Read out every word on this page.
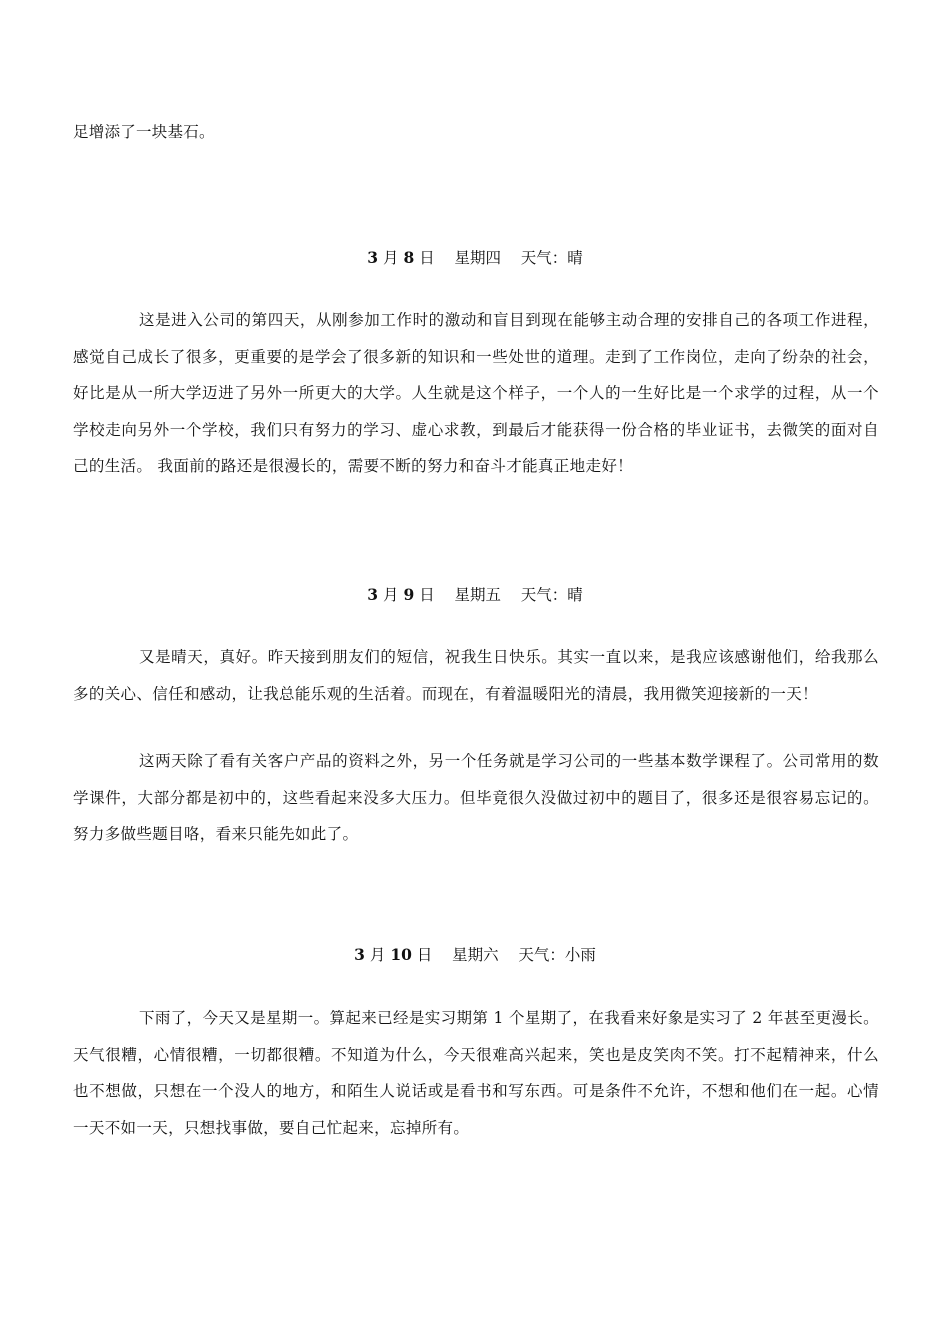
足增添了一块基石。
3 月 8 日 星期四 天气：晴
这是进入公司的第四天，从刚参加工作时的激动和盲目到现在能够主动合理的安排自己的各项工作进程，感觉自己成长了很多，更重要的是学会了很多新的知识和一些处世的道理。走到了工作岗位，走向了纷杂的社会，好比是从一所大学迈进了另外一所更大的大学。人生就是这个样子，一个人的一生好比是一个求学的过程，从一个学校走向另外一个学校，我们只有努力的学习、虚心求教，到最后才能获得一份合格的毕业证书，去微笑的面对自己的生活。 我面前的路还是很漫长的，需要不断的努力和奋斗才能真正地走好！
3 月 9 日 星期五 天气：晴
又是晴天，真好。昨天接到朋友们的短信，祝我生日快乐。其实一直以来，是我应该感谢他们，给我那么多的关心、信任和感动，让我总能乐观的生活着。而现在，有着温暖阳光的清晨，我用微笑迎接新的一天！
这两天除了看有关客户产品的资料之外，另一个任务就是学习公司的一些基本数学课程了。公司常用的数学课件，大部分都是初中的，这些看起来没多大压力。但毕竟很久没做过初中的题目了，很多还是很容易忘记的。努力多做些题目咯，看来只能先如此了。
3 月 10 日 星期六 天气：小雨
下雨了，今天又是星期一。算起来已经是实习期第 1 个星期了，在我看来好象是实习了 2 年甚至更漫长。天气很糟，心情很糟，一切都很糟。不知道为什么，今天很难高兴起来，笑也是皮笑肉不笑。打不起精神来，什么也不想做，只想在一个没人的地方，和陌生人说话或是看书和写东西。可是条件不允许，不想和他们在一起。心情一天不如一天，只想找事做，要自己忙起来，忘掉所有。
